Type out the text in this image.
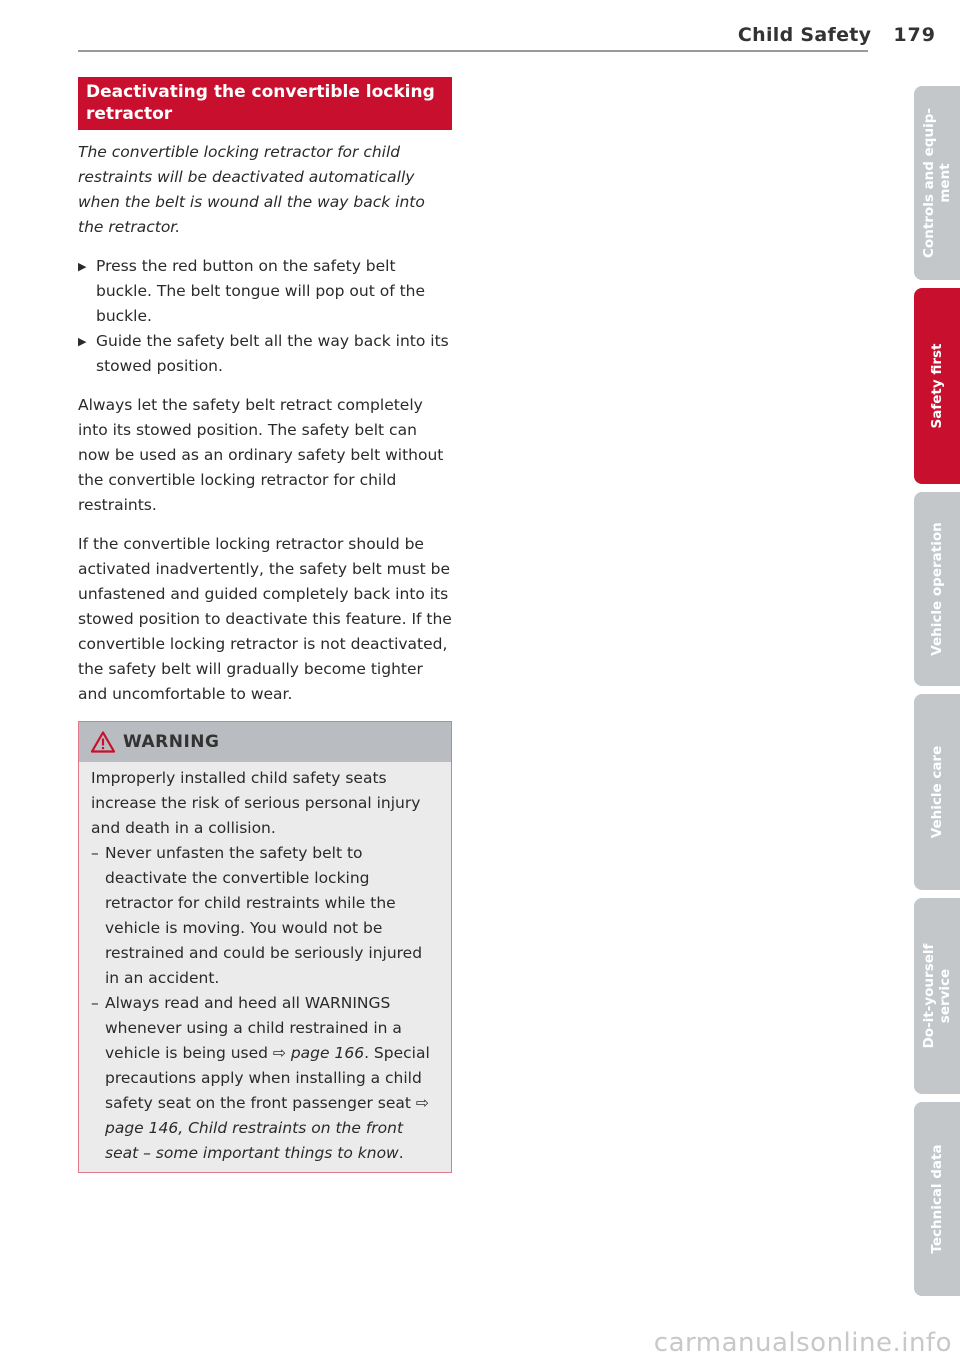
Child Safety 179
Deactivating the convertible locking retractor

The convertible locking retractor for child restraints will be deactivated automatically when the belt is wound all the way back into the retractor.

▶ Press the red button on the safety belt buckle. The belt tongue will pop out of the buckle.
▶ Guide the safety belt all the way back into its stowed position.

Always let the safety belt retract completely into its stowed position. The safety belt can now be used as an ordinary safety belt without the convertible locking retractor for child restraints.

If the convertible locking retractor should be activated inadvertently, the safety belt must be unfastened and guided completely back into its stowed position to deactivate this feature. If the convertible locking retractor is not deactivated, the safety belt will gradually become tighter and uncomfortable to wear.

WARNING

Improperly installed child safety seats increase the risk of serious personal injury and death in a collision.

– Never unfasten the safety belt to deactivate the convertible locking retractor for child restraints while the vehicle is moving. You would not be restrained and could be seriously injured in an accident.
– Always read and heed all WARNINGS whenever using a child restrained in a vehicle is being used ⇨ page 166. Special precautions apply when installing a child safety seat on the front passenger seat ⇨ page 146, Child restraints on the front seat – some important things to know.
Controls and equip-
ment
Safety first
Vehicle operation
Vehicle care
Do-it-yourself
service
Technical data
carmanualsonline.info
